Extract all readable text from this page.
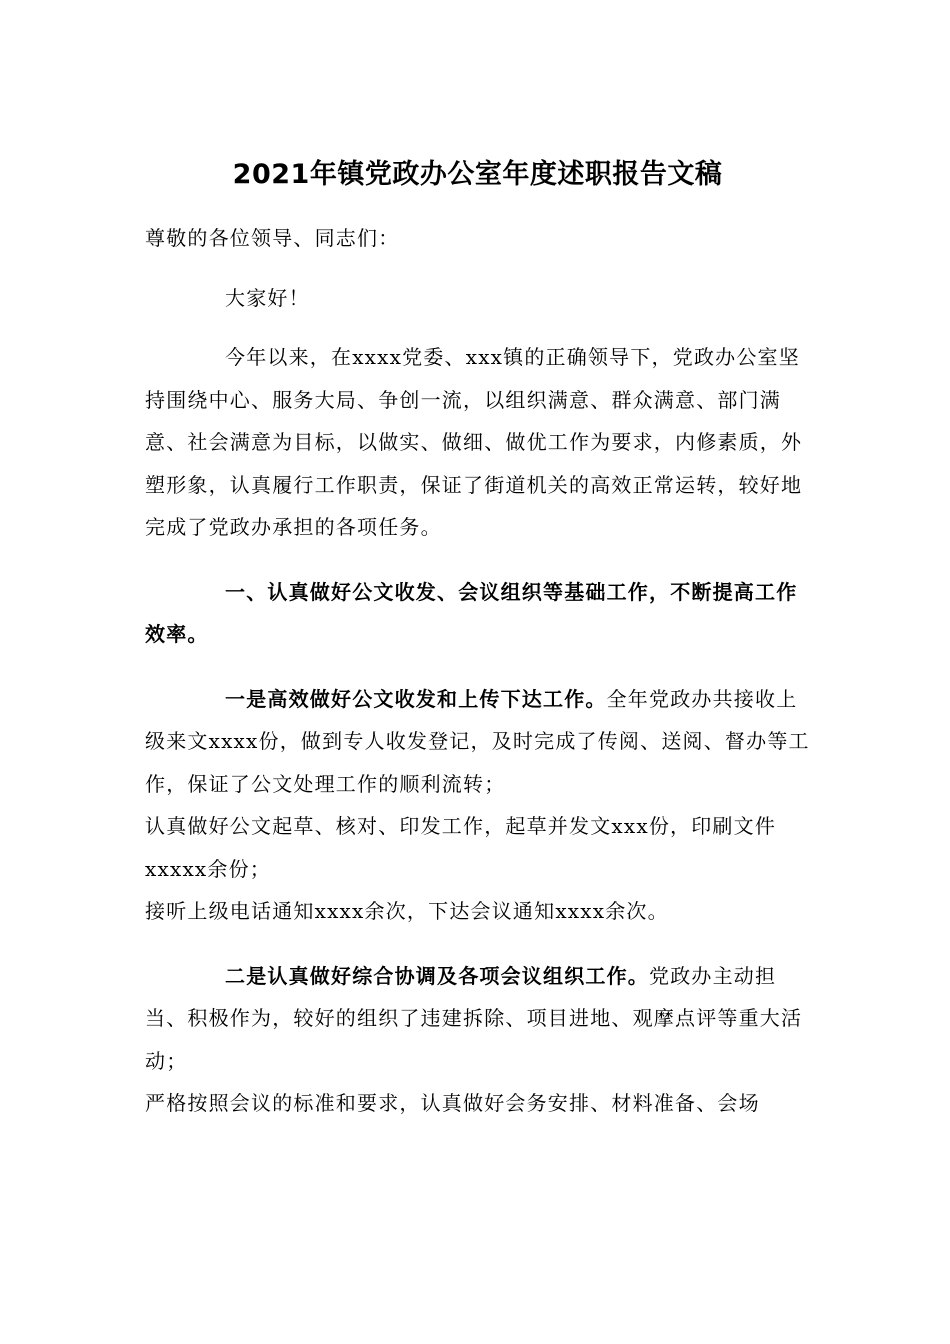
2021年镇党政办公室年度述职报告文稿

尊敬的各位领导、同志们：

大家好！

今年以来，在xxxx党委、xxx镇的正确领导下，党政办公室坚持围绕中心、服务大局、争创一流，以组织满意、群众满意、部门满意、社会满意为目标，以做实、做细、做优工作为要求，内修素质，外塑形象，认真履行工作职责，保证了街道机关的高效正常运转，较好地完成了党政办承担的各项任务。

一、认真做好公文收发、会议组织等基础工作，不断提高工作效率。

一是高效做好公文收发和上传下达工作。全年党政办共接收上级来文xxxx份，做到专人收发登记，及时完成了传阅、送阅、督办等工作，保证了公文处理工作的顺利流转；

认真做好公文起草、核对、印发工作，起草并发文xxx份，印刷文件xxxxx余份；

接听上级电话通知xxxx余次，下达会议通知xxxx余次。

二是认真做好综合协调及各项会议组织工作。党政办主动担当、积极作为，较好的组织了违建拆除、项目进地、观摩点评等重大活动；

严格按照会议的标准和要求，认真做好会务安排、材料准备、会场
